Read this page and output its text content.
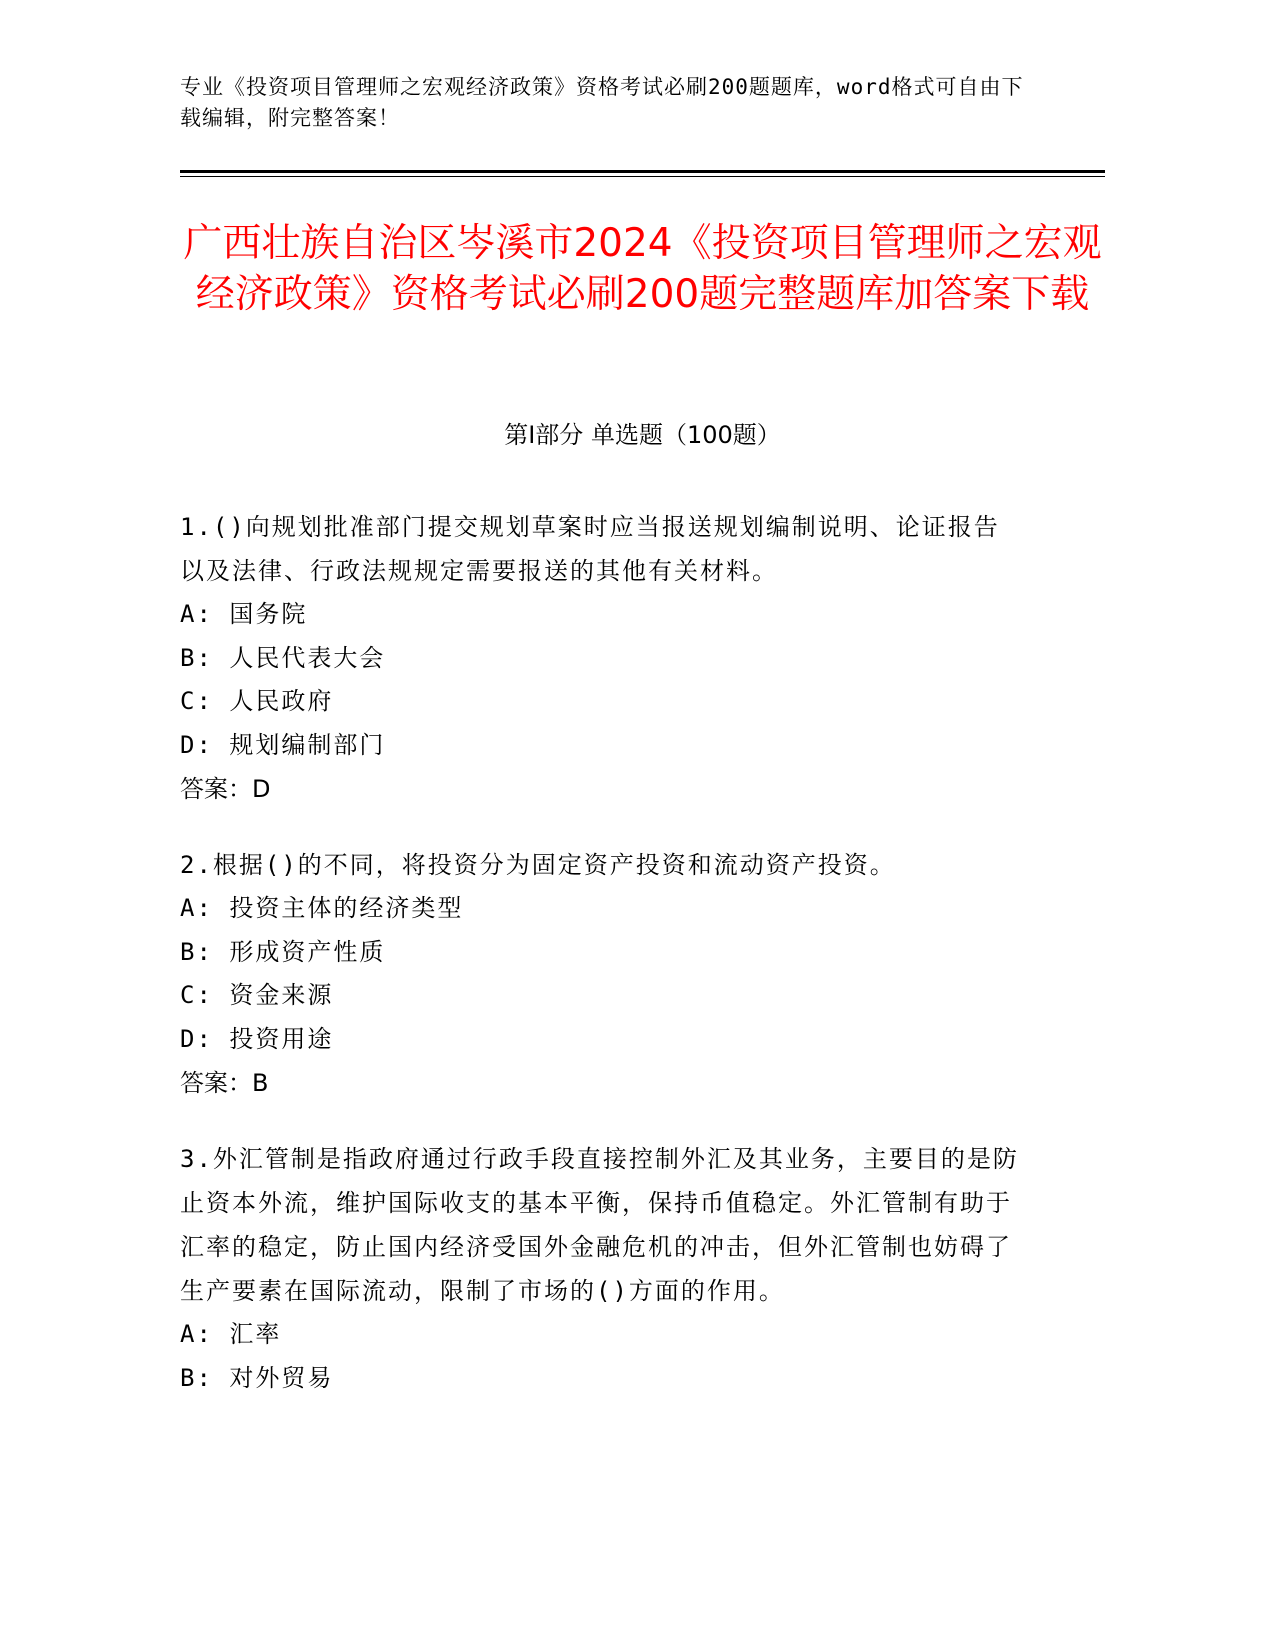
专业《投资项目管理师之宏观经济政策》资格考试必刷200题题库，word格式可自由下载编辑，附完整答案！
广西壮族自治区岑溪市2024《投资项目管理师之宏观经济政策》资格考试必刷200题完整题库加答案下载
第Ⅰ部分 单选题（100题）

1.()向规划批准部门提交规划草案时应当报送规划编制说明、论证报告以及法律、行政法规规定需要报送的其他有关材料。

A: 国务院

B: 人民代表大会

C: 人民政府

D: 规划编制部门

答案：D

2.根据()的不同，将投资分为固定资产投资和流动资产投资。

A: 投资主体的经济类型

B: 形成资产性质

C: 资金来源

D: 投资用途

答案：B

3.外汇管制是指政府通过行政手段直接控制外汇及其业务，主要目的是防止资本外流，维护国际收支的基本平衡，保持币值稳定。外汇管制有助于汇率的稳定，防止国内经济受国外金融危机的冲击，但外汇管制也妨碍了生产要素在国际流动，限制了市场的()方面的作用。

A: 汇率

B: 对外贸易
